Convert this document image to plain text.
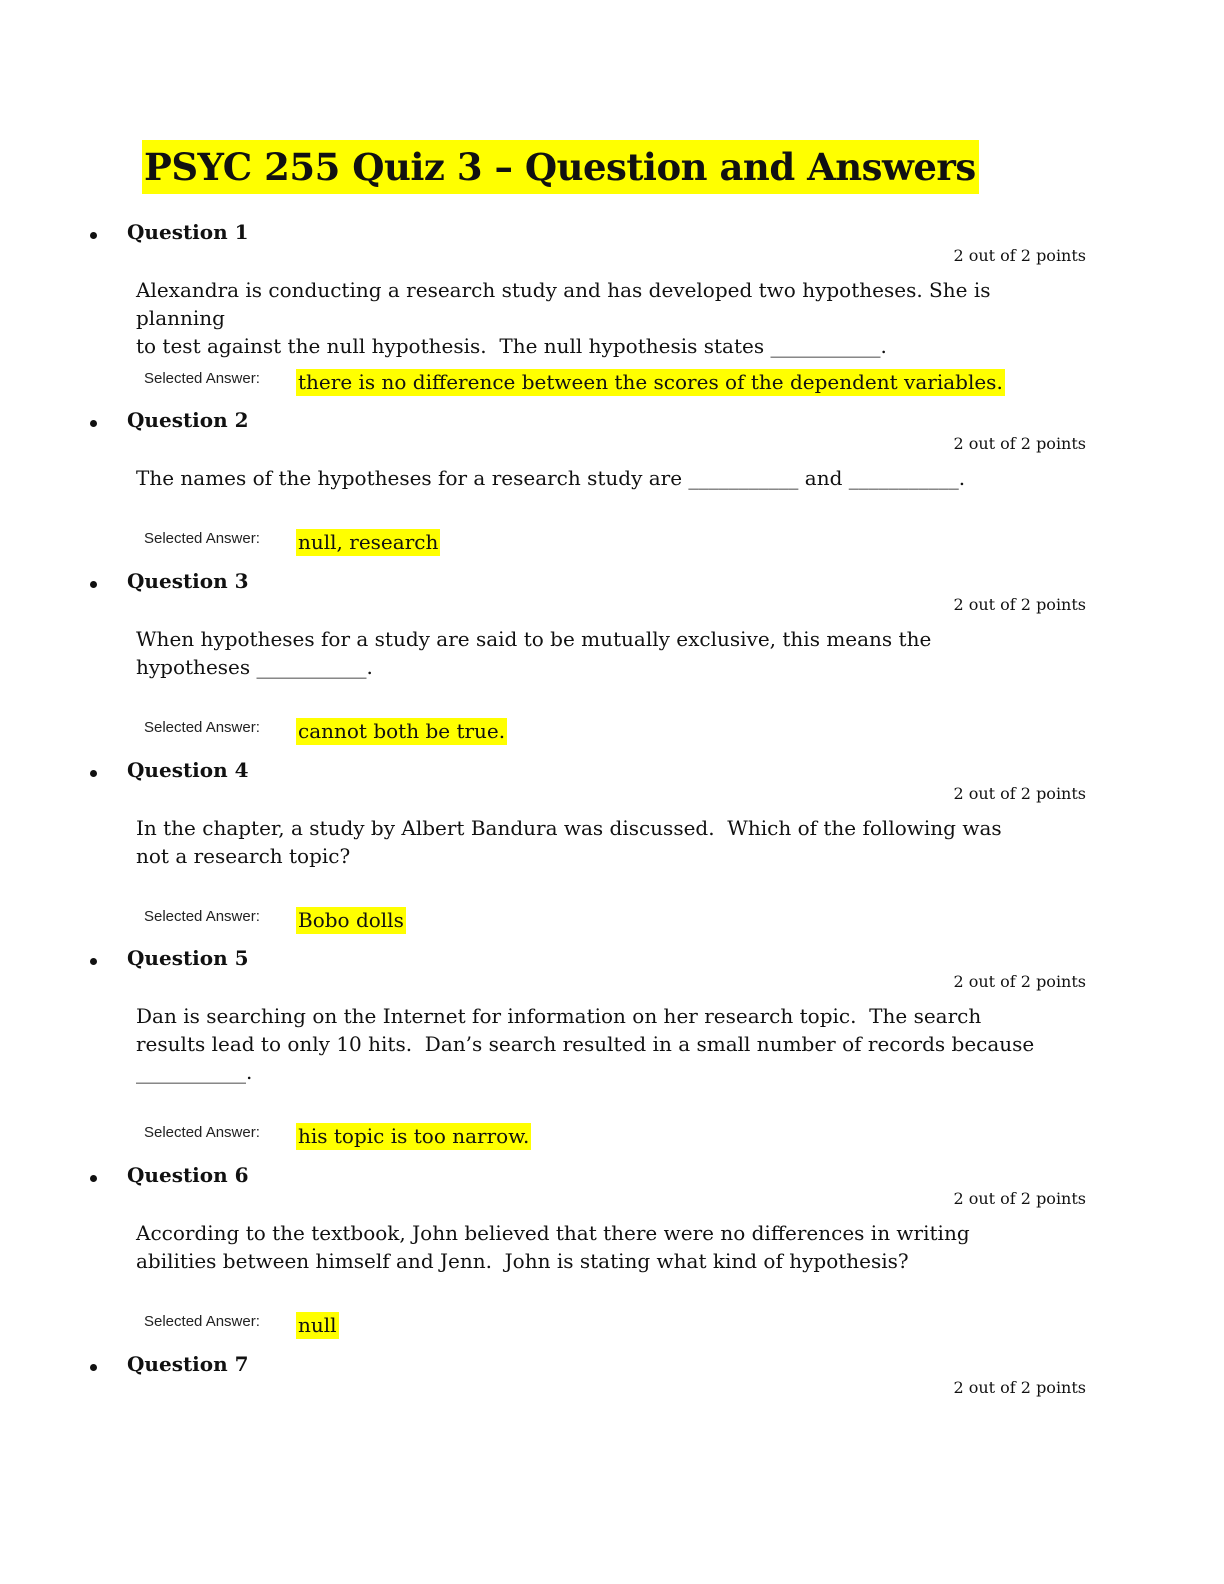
PSYC 255 Quiz 3 – Question and Answers
Question 1
2 out of 2 points
Alexandra is conducting a research study and has developed two hypotheses. She is planning
to test against the null hypothesis.  The null hypothesis states ___________.
Selected Answer: there is no difference between the scores of the dependent variables.
Question 2
2 out of 2 points
The names of the hypotheses for a research study are ___________ and ___________.
Selected Answer: null, research
Question 3
2 out of 2 points
When hypotheses for a study are said to be mutually exclusive, this means the
hypotheses ___________.
Selected Answer: cannot both be true.
Question 4
2 out of 2 points
In the chapter, a study by Albert Bandura was discussed.  Which of the following was
not a research topic?
Selected Answer: Bobo dolls
Question 5
2 out of 2 points
Dan is searching on the Internet for information on her research topic.  The search
results lead to only 10 hits.  Dan’s search resulted in a small number of records because
___________.
Selected Answer: his topic is too narrow.
Question 6
2 out of 2 points
According to the textbook, John believed that there were no differences in writing
abilities between himself and Jenn.  John is stating what kind of hypothesis?
Selected Answer: null
Question 7
2 out of 2 points
